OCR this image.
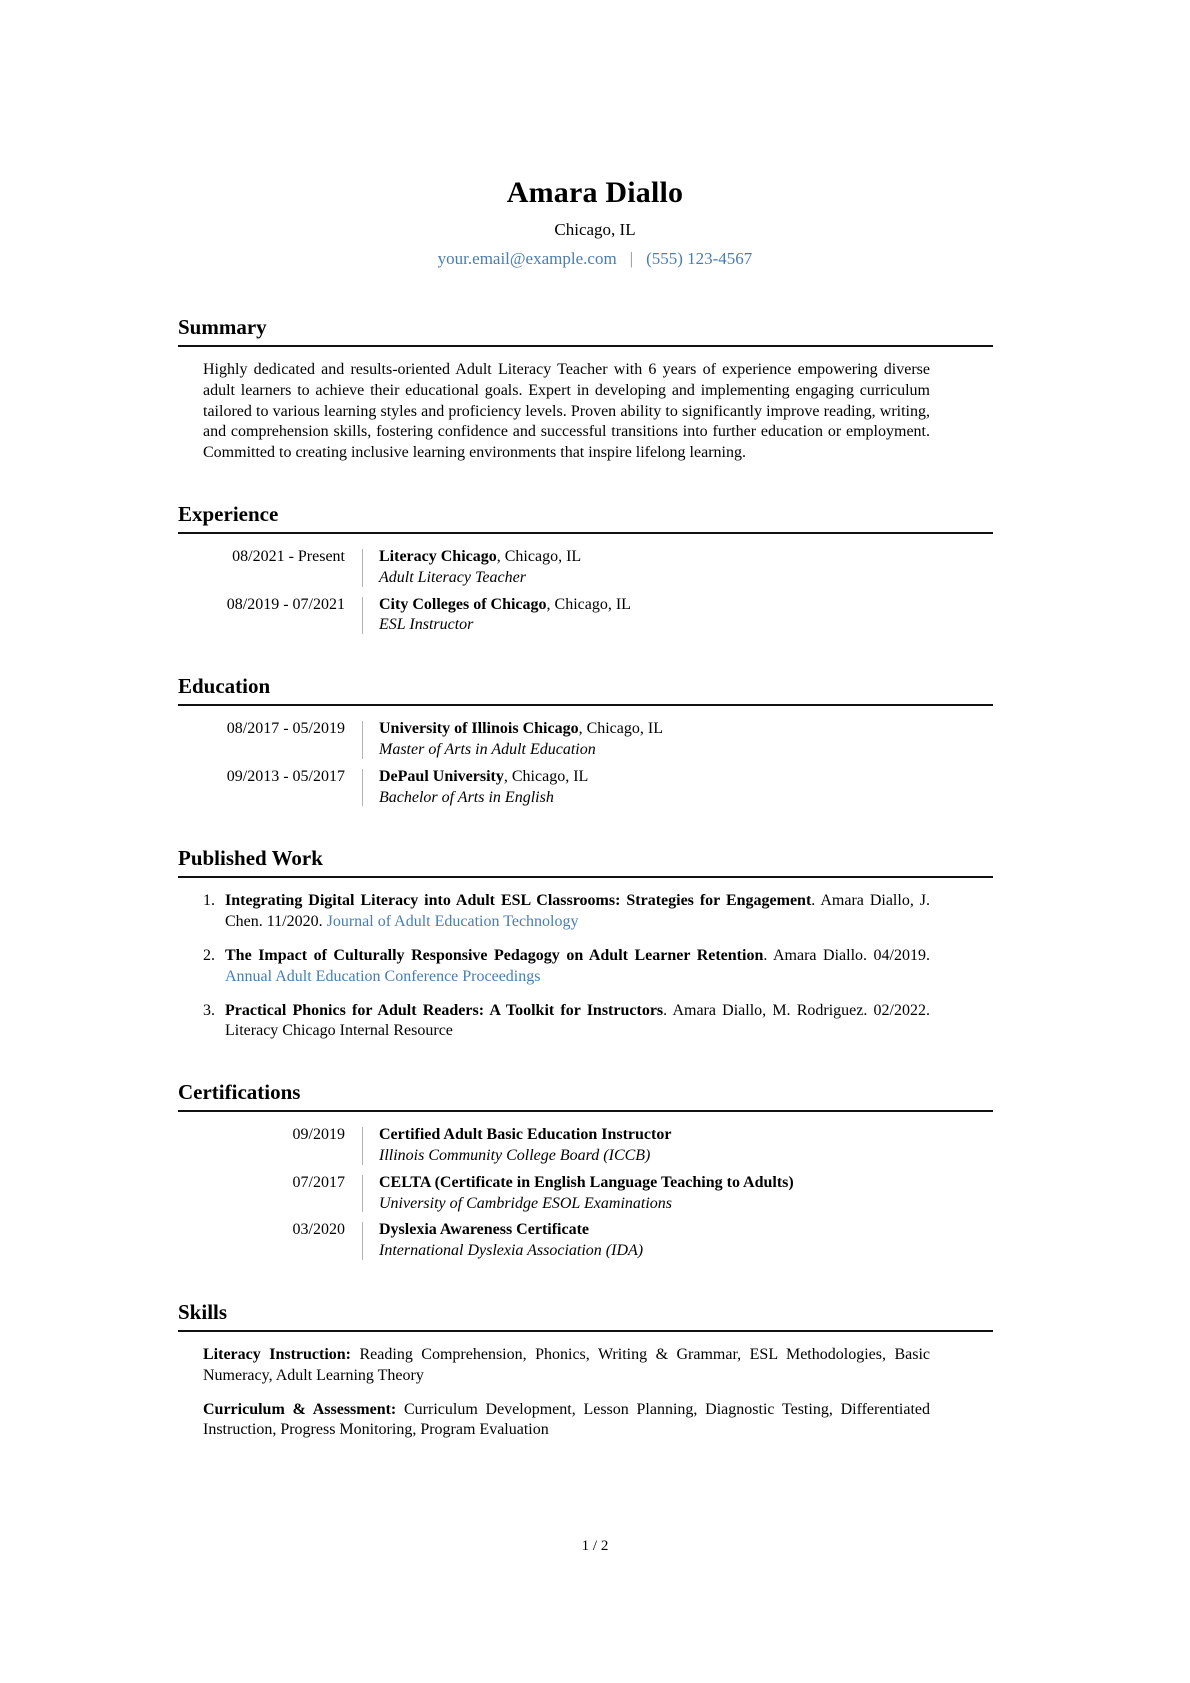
Amara Diallo
Chicago, IL
your.email@example.com | (555) 123-4567
Summary

Highly dedicated and results-oriented Adult Literacy Teacher with 6 years of experience empowering diverse adult learners to achieve their educational goals. Expert in developing and implementing engaging curriculum tailored to various learning styles and proficiency levels. Proven ability to significantly improve reading, writing, and comprehension skills, fostering confidence and successful transitions into further education or employment. Committed to creating inclusive learning environments that inspire lifelong learning.

Experience
08/2021 - Present Literacy Chicago, Chicago, IL
Adult Literacy Teacher
08/2019 - 07/2021 City Colleges of Chicago, Chicago, IL
ESL Instructor
Education
08/2017 - 05/2019 University of Illinois Chicago, Chicago, IL
Master of Arts in Adult Education
09/2013 - 05/2017 DePaul University, Chicago, IL
Bachelor of Arts in English
Published Work
1. Integrating Digital Literacy into Adult ESL Classrooms: Strategies for Engagement. Amara Diallo, J. Chen. 11/2020. Journal of Adult Education Technology
2. The Impact of Culturally Responsive Pedagogy on Adult Learner Retention. Amara Diallo. 04/2019. Annual Adult Education Conference Proceedings
3. Practical Phonics for Adult Readers: A Toolkit for Instructors. Amara Diallo, M. Rodriguez. 02/2022. Literacy Chicago Internal Resource
Certifications
09/2019 Certified Adult Basic Education Instructor
Illinois Community College Board (ICCB)
07/2017 CELTA (Certificate in English Language Teaching to Adults)
University of Cambridge ESOL Examinations
03/2020 Dyslexia Awareness Certificate
International Dyslexia Association (IDA)
Skills

Literacy Instruction: Reading Comprehension, Phonics, Writing & Grammar, ESL Methodologies, Basic Numeracy, Adult Learning Theory

Curriculum & Assessment: Curriculum Development, Lesson Planning, Diagnostic Testing, Differentiated Instruction, Progress Monitoring, Program Evaluation

1 / 2
